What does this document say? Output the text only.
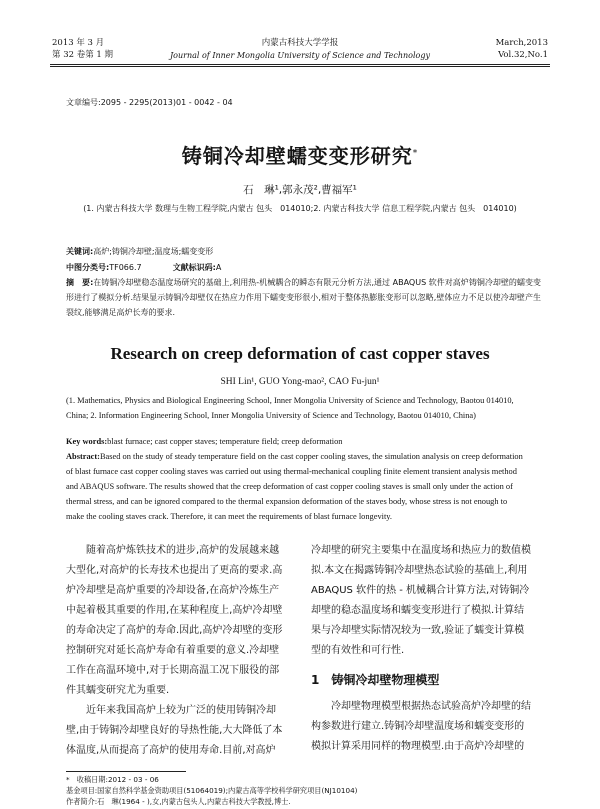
2013 年 3 月
第 32 卷第 1 期
内蒙古科技大学学报
Journal of Inner Mongolia University of Science and Technology
March,2013
Vol.32,No.1
文章编号:2095 - 2295(2013)01 - 0042 - 04
铸铜冷却壁蠕变变形研究*
石　琳¹,郭永茂²,曹福军¹
(1. 内蒙古科技大学 数理与生物工程学院,内蒙古 包头　014010;2. 内蒙古科技大学 信息工程学院,内蒙古 包头　014010)
关键词:高炉;铸铜冷却壁;温度场;蠕变变形
中图分类号:TF066.7	文献标识码:A
摘　要:在铸铜冷却壁稳态温度场研究的基础上,利用热-机械耦合的瞬态有限元分析方法,通过 ABAQUS 软件对高炉铸铜冷却壁的蠕变变形进行了模拟分析.结果显示铸铜冷却壁仅在热应力作用下蠕变变形很小,相对于整体热膨胀变形可以忽略,壁体应力不足以使冷却壁产生裂纹,能够满足高炉长寿的要求.
Research on creep deformation of cast copper staves
SHI Lin¹, GUO Yong-mao², CAO Fu-jun¹
(1. Mathematics, Physics and Biological Engineering School, Inner Mongolia University of Science and Technology, Baotou 014010,
China; 2. Information Engineering School, Inner Mongolia University of Science and Technology, Baotou 014010, China)
Key words:blast furnace; cast copper staves; temperature field; creep deformation
Abstract:Based on the study of steady temperature field on the cast copper cooling staves, the simulation analysis on creep deformation
of blast furnace cast copper cooling staves was carried out using thermal-mechanical coupling finite element transient analysis method
and ABAQUS software. The results showed that the creep deformation of cast copper cooling staves is small only under the action of
thermal stress, and can be ignored compared to the thermal expansion deformation of the staves body, whose stress is not enough to
make the cooling staves crack. Therefore, it can meet the requirements of blast furnace longevity.

　　随着高炉炼铁技术的进步,高炉的发展越来越

大型化,对高炉的长寿技术也提出了更高的要求.高

炉冷却壁是高炉重要的冷却设备,在高炉冷炼生产

中起着极其重要的作用,在某种程度上,高炉冷却壁

的寿命决定了高炉的寿命.因此,高炉冷却壁的变形

控制研究对延长高炉寿命有着重要的意义.冷却壁

工作在高温环境中,对于长期高温工况下服役的部

件其蠕变研究尤为重要.

　　近年来我国高炉上较为广泛的使用铸铜冷却

壁,由于铸铜冷却壁良好的导热性能,大大降低了本

体温度,从而提高了高炉的使用寿命.目前,对高炉

冷却壁的研究主要集中在温度场和热应力的数值模

拟.本文在揭露铸铜冷却壁热态试验的基础上,利用

ABAQUS 软件的热 - 机械耦合计算方法,对铸铜冷

却壁的稳态温度场和蠕变变形进行了模拟.计算结

果与冷却壁实际情况较为一致,验证了蠕变计算模

型的有效性和可行性.

1　铸铜冷却壁物理模型

　　冷却壁物理模型根据热态试验高炉冷却壁的结

构参数进行建立.铸铜冷却壁温度场和蠕变变形的

模拟计算采用同样的物理模型.由于高炉冷却壁的

*　收稿日期:2012 - 03 - 06
基金项目:国家自然科学基金资助项目(51064019);内蒙古高等学校科学研究项目(NJ10104)
作者简介:石　琳(1964 - ),女,内蒙古包头人,内蒙古科技大学教授,博士.
